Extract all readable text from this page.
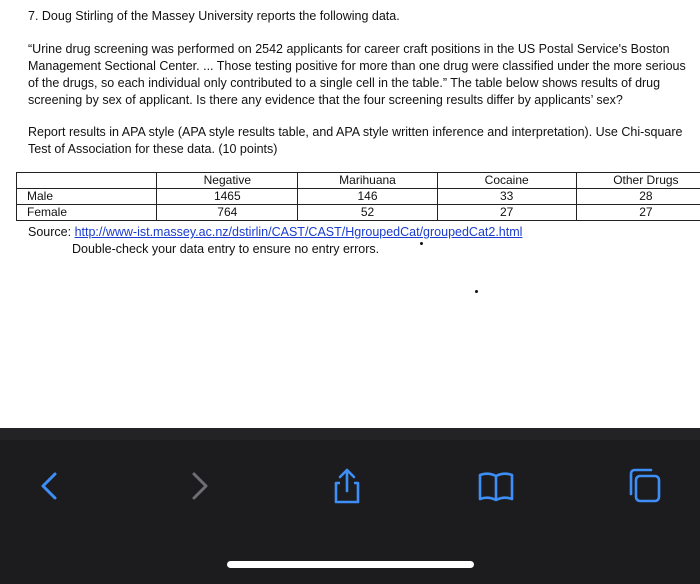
7. Doug Stirling of the Massey University reports the following data.
“Urine drug screening was performed on 2542 applicants for career craft positions in the US Postal Service's Boston Management Sectional Center. ... Those testing positive for more than one drug were classified under the more serious of the drugs, so each individual only contributed to a single cell in the table.” The table below shows results of drug screening by sex of applicant. Is there any evidence that the four screening results differ by applicants’ sex?
Report results in APA style (APA style results table, and APA style written inference and interpretation). Use Chi-square Test of Association for these data. (10 points)
	Negative	Marihuana	Cocaine	Other Drugs
Male	1465	146	33	28
Female	764	52	27	27
Source: http://www-ist.massey.ac.nz/dstirlin/CAST/CAST/HgroupedCat/groupedCat2.html
Double-check your data entry to ensure no entry errors.
